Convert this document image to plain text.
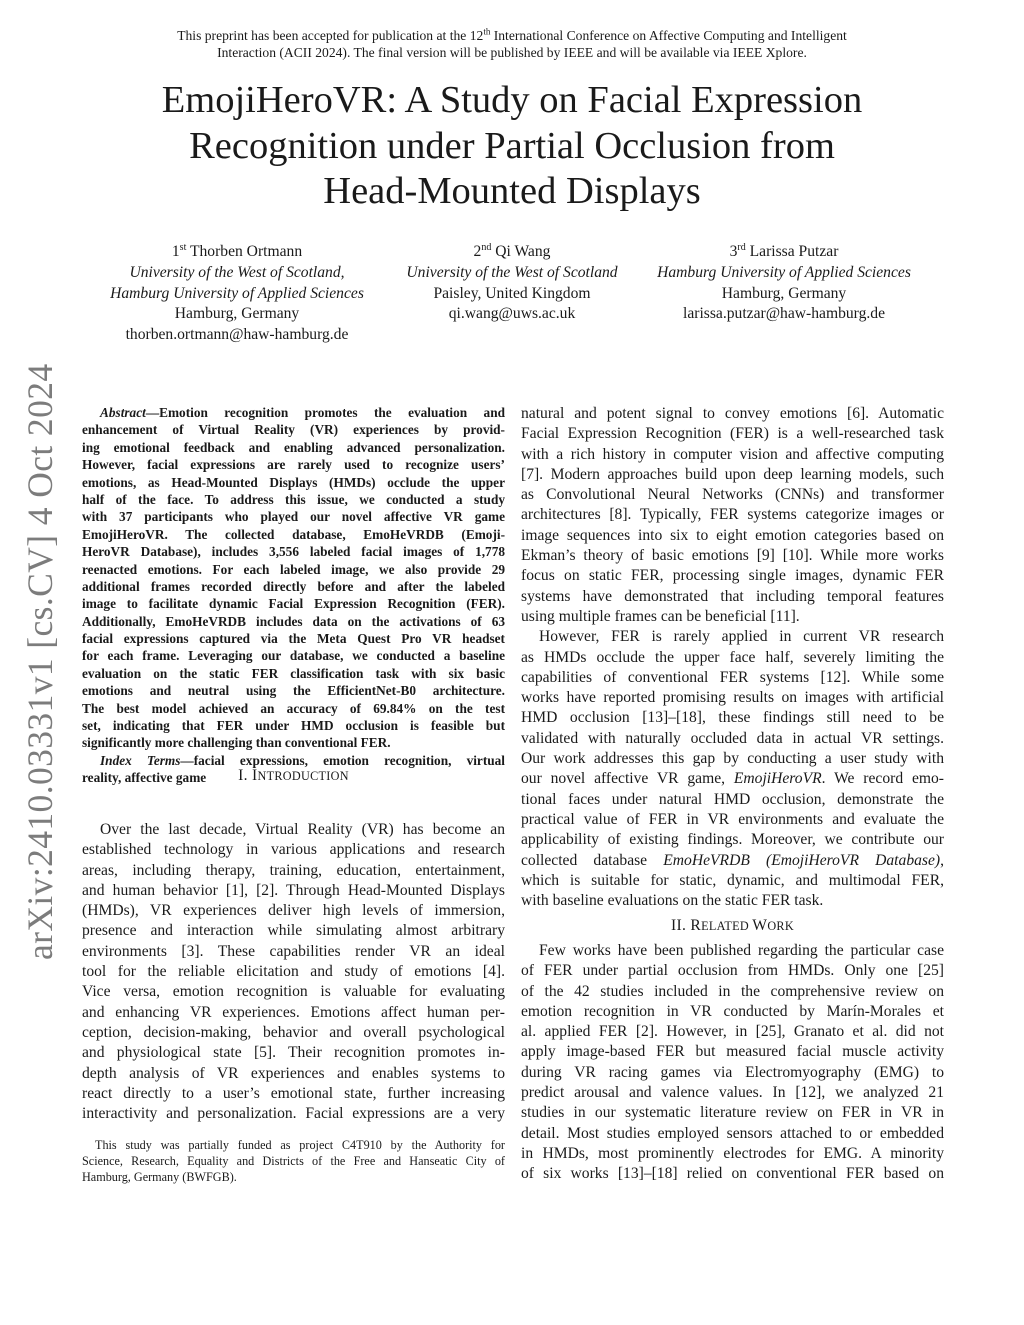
This preprint has been accepted for publication at the 12th International Conference on Affective Computing and Intelligent
Interaction (ACII 2024). The final version will be published by IEEE and will be available via IEEE Xplore.
EmojiHeroVR: A Study on Facial Expression
Recognition under Partial Occlusion from
Head-Mounted Displays
1st Thorben Ortmann
University of the West of Scotland,
Hamburg University of Applied Sciences
Hamburg, Germany
thorben.ortmann@haw-hamburg.de
2nd Qi Wang
University of the West of Scotland
Paisley, United Kingdom
qi.wang@uws.ac.uk
3rd Larissa Putzar
Hamburg University of Applied Sciences
Hamburg, Germany
larissa.putzar@haw-hamburg.de
arXiv:2410.03331v1 [cs.CV] 4 Oct 2024	Abstract—Emotion recognition promotes the evaluation and
enhancement of Virtual Reality (VR) experiences by provid-
ing emotional feedback and enabling advanced personalization.
However, facial expressions are rarely used to recognize users’
emotions, as Head-Mounted Displays (HMDs) occlude the upper
half of the face. To address this issue, we conducted a study
with 37 participants who played our novel affective VR game
EmojiHeroVR. The collected database, EmoHeVRDB (Emoji-
HeroVR Database), includes 3,556 labeled facial images of 1,778
reenacted emotions. For each labeled image, we also provide 29
additional frames recorded directly before and after the labeled
image to facilitate dynamic Facial Expression Recognition (FER).
Additionally, EmoHeVRDB includes data on the activations of 63
facial expressions captured via the Meta Quest Pro VR headset
for each frame. Leveraging our database, we conducted a baseline
evaluation on the static FER classification task with six basic
emotions and neutral using the EfficientNet-B0 architecture.
The best model achieved an accuracy of 69.84% on the test
set, indicating that FER under HMD occlusion is feasible but
significantly more challenging than conventional FER.
Index Terms—facial expressions, emotion recognition, virtual
reality, affective game	I. INTRODUCTION
Over the last decade, Virtual Reality (VR) has become an
established technology in various applications and research
areas, including therapy, training, education, entertainment,
and human behavior [1], [2]. Through Head-Mounted Displays
(HMDs), VR experiences deliver high levels of immersion,
presence and interaction while simulating almost arbitrary
environments [3]. These capabilities render VR an ideal
tool for the reliable elicitation and study of emotions [4].
Vice versa, emotion recognition is valuable for evaluating
and enhancing VR experiences. Emotions affect human per-
ception, decision-making, behavior and overall psychological
and physiological state [5]. Their recognition promotes in-
depth analysis of VR experiences and enables systems to
react directly to a user’s emotional state, further increasing
interactivity and personalization. Facial expressions are a very
This study was partially funded as project C4T910 by the Authority for
Science, Research, Equality and Districts of the Free and Hanseatic City of
Hamburg, Germany (BWFGB).
natural and potent signal to convey emotions [6]. Automatic
Facial Expression Recognition (FER) is a well-researched task
with a rich history in computer vision and affective computing
[7]. Modern approaches build upon deep learning models, such
as Convolutional Neural Networks (CNNs) and transformer
architectures [8]. Typically, FER systems categorize images or
image sequences into six to eight emotion categories based on
Ekman’s theory of basic emotions [9] [10]. While more works
focus on static FER, processing single images, dynamic FER
systems have demonstrated that including temporal features
using multiple frames can be beneficial [11].
However, FER is rarely applied in current VR research
as HMDs occlude the upper face half, severely limiting the
capabilities of conventional FER systems [12]. While some
works have reported promising results on images with artificial
HMD occlusion [13]–[18], these findings still need to be
validated with naturally occluded data in actual VR settings.
Our work addresses this gap by conducting a user study with
our novel affective VR game, EmojiHeroVR. We record emo-
tional faces under natural HMD occlusion, demonstrate the
practical value of FER in VR environments and evaluate the
applicability of existing findings. Moreover, we contribute our
collected database EmoHeVRDB (EmojiHeroVR Database),
which is suitable for static, dynamic, and multimodal FER,
with baseline evaluations on the static FER task.
II. RELATED WORK
Few works have been published regarding the particular case
of FER under partial occlusion from HMDs. Only one [25]
of the 42 studies included in the comprehensive review on
emotion recognition in VR conducted by Marín-Morales et
al. applied FER [2]. However, in [25], Granato et al. did not
apply image-based FER but measured facial muscle activity
during VR racing games via Electromyography (EMG) to
predict arousal and valence values. In [12], we analyzed 21
studies in our systematic literature review on FER in VR in
detail. Most studies employed sensors attached to or embedded
in HMDs, most prominently electrodes for EMG. A minority
of six works [13]–[18] relied on conventional FER based on
